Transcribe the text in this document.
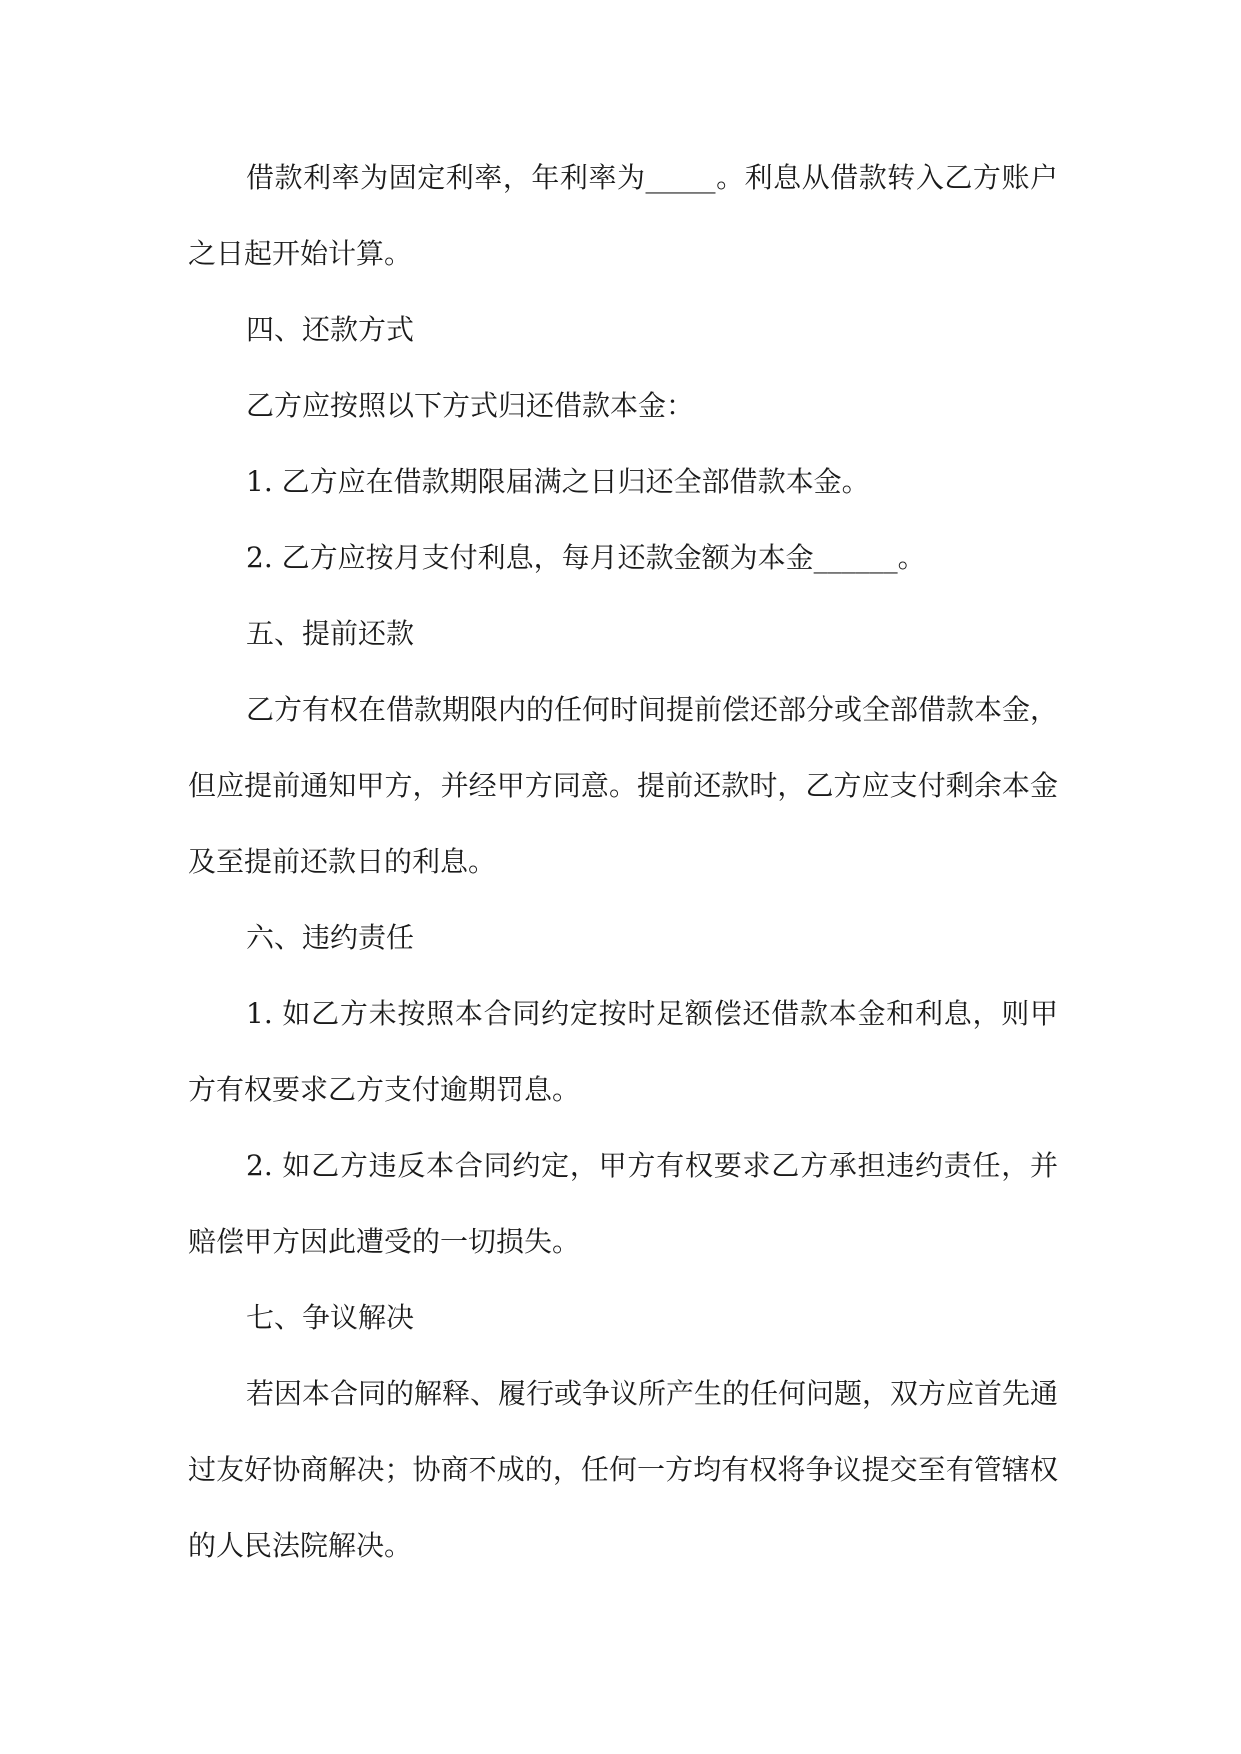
借款利率为固定利率，年利率为_____。利息从借款转入乙方账户之日起开始计算。

四、还款方式

乙方应按照以下方式归还借款本金：

1. 乙方应在借款期限届满之日归还全部借款本金。

2. 乙方应按月支付利息，每月还款金额为本金______。

五、提前还款

乙方有权在借款期限内的任何时间提前偿还部分或全部借款本金，但应提前通知甲方，并经甲方同意。提前还款时，乙方应支付剩余本金及至提前还款日的利息。

六、违约责任

1. 如乙方未按照本合同约定按时足额偿还借款本金和利息，则甲方有权要求乙方支付逾期罚息。

2. 如乙方违反本合同约定，甲方有权要求乙方承担违约责任，并赔偿甲方因此遭受的一切损失。

七、争议解决

若因本合同的解释、履行或争议所产生的任何问题，双方应首先通过友好协商解决；协商不成的，任何一方均有权将争议提交至有管辖权的人民法院解决。
